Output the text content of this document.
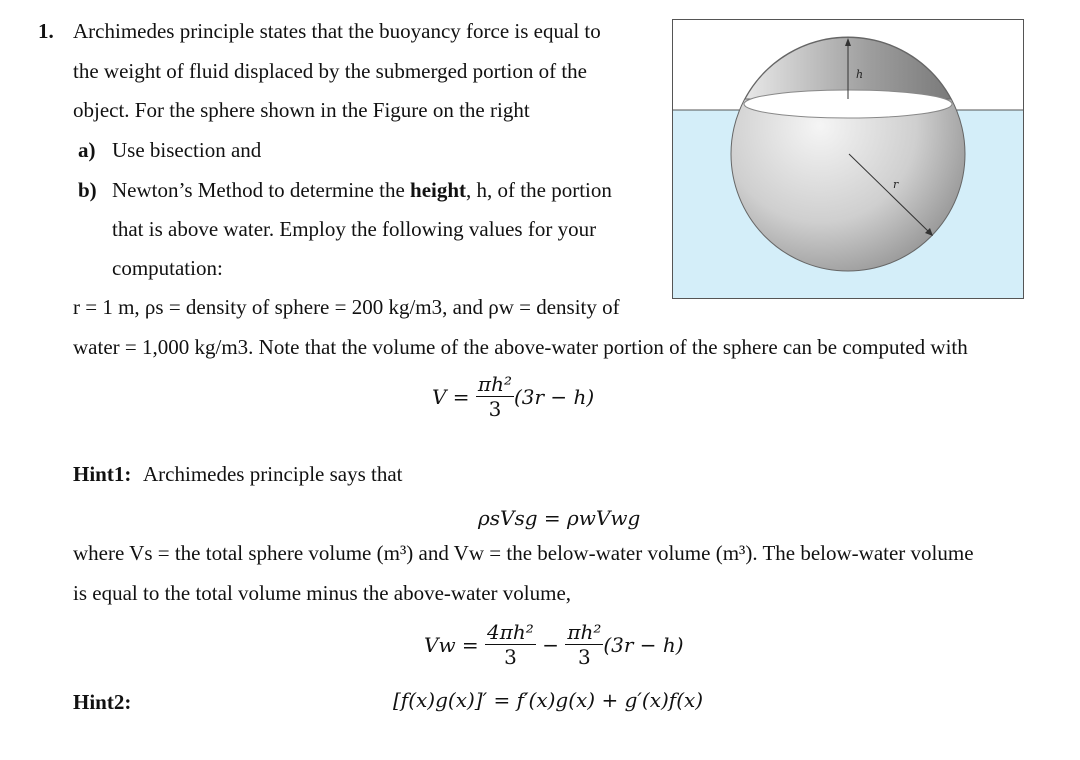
1. Archimedes principle states that the buoyancy force is equal to
the weight of fluid displaced by the submerged portion of the
object. For the sphere shown in the Figure on the right
a) Use bisection and
b) Newton’s Method to determine the height, h, of the portion
that is above water. Employ the following values for your
computation:
r = 1 m, ρs = density of sphere = 200 kg/m3, and ρw = density of
water = 1,000 kg/m3. Note that the volume of the above-water portion of the sphere can be computed with
$V = \frac{\text{πh²}}{3} (3r - h)$
Hint1: Archimedes principle says that
ρsVsg = ρwVwg
where Vs = the total sphere volume (m³) and Vw = the below-water volume (m³). The below-water volume
is equal to the total volume minus the above-water volume,
$Vw = \frac{\text{4πh²}}{3} - \frac{\text{πh²}}{3} (3r - h)$
Hint2:	[f(x)g(x)]′ = f′(x)g(x) + g′(x)f(x)
h
r
